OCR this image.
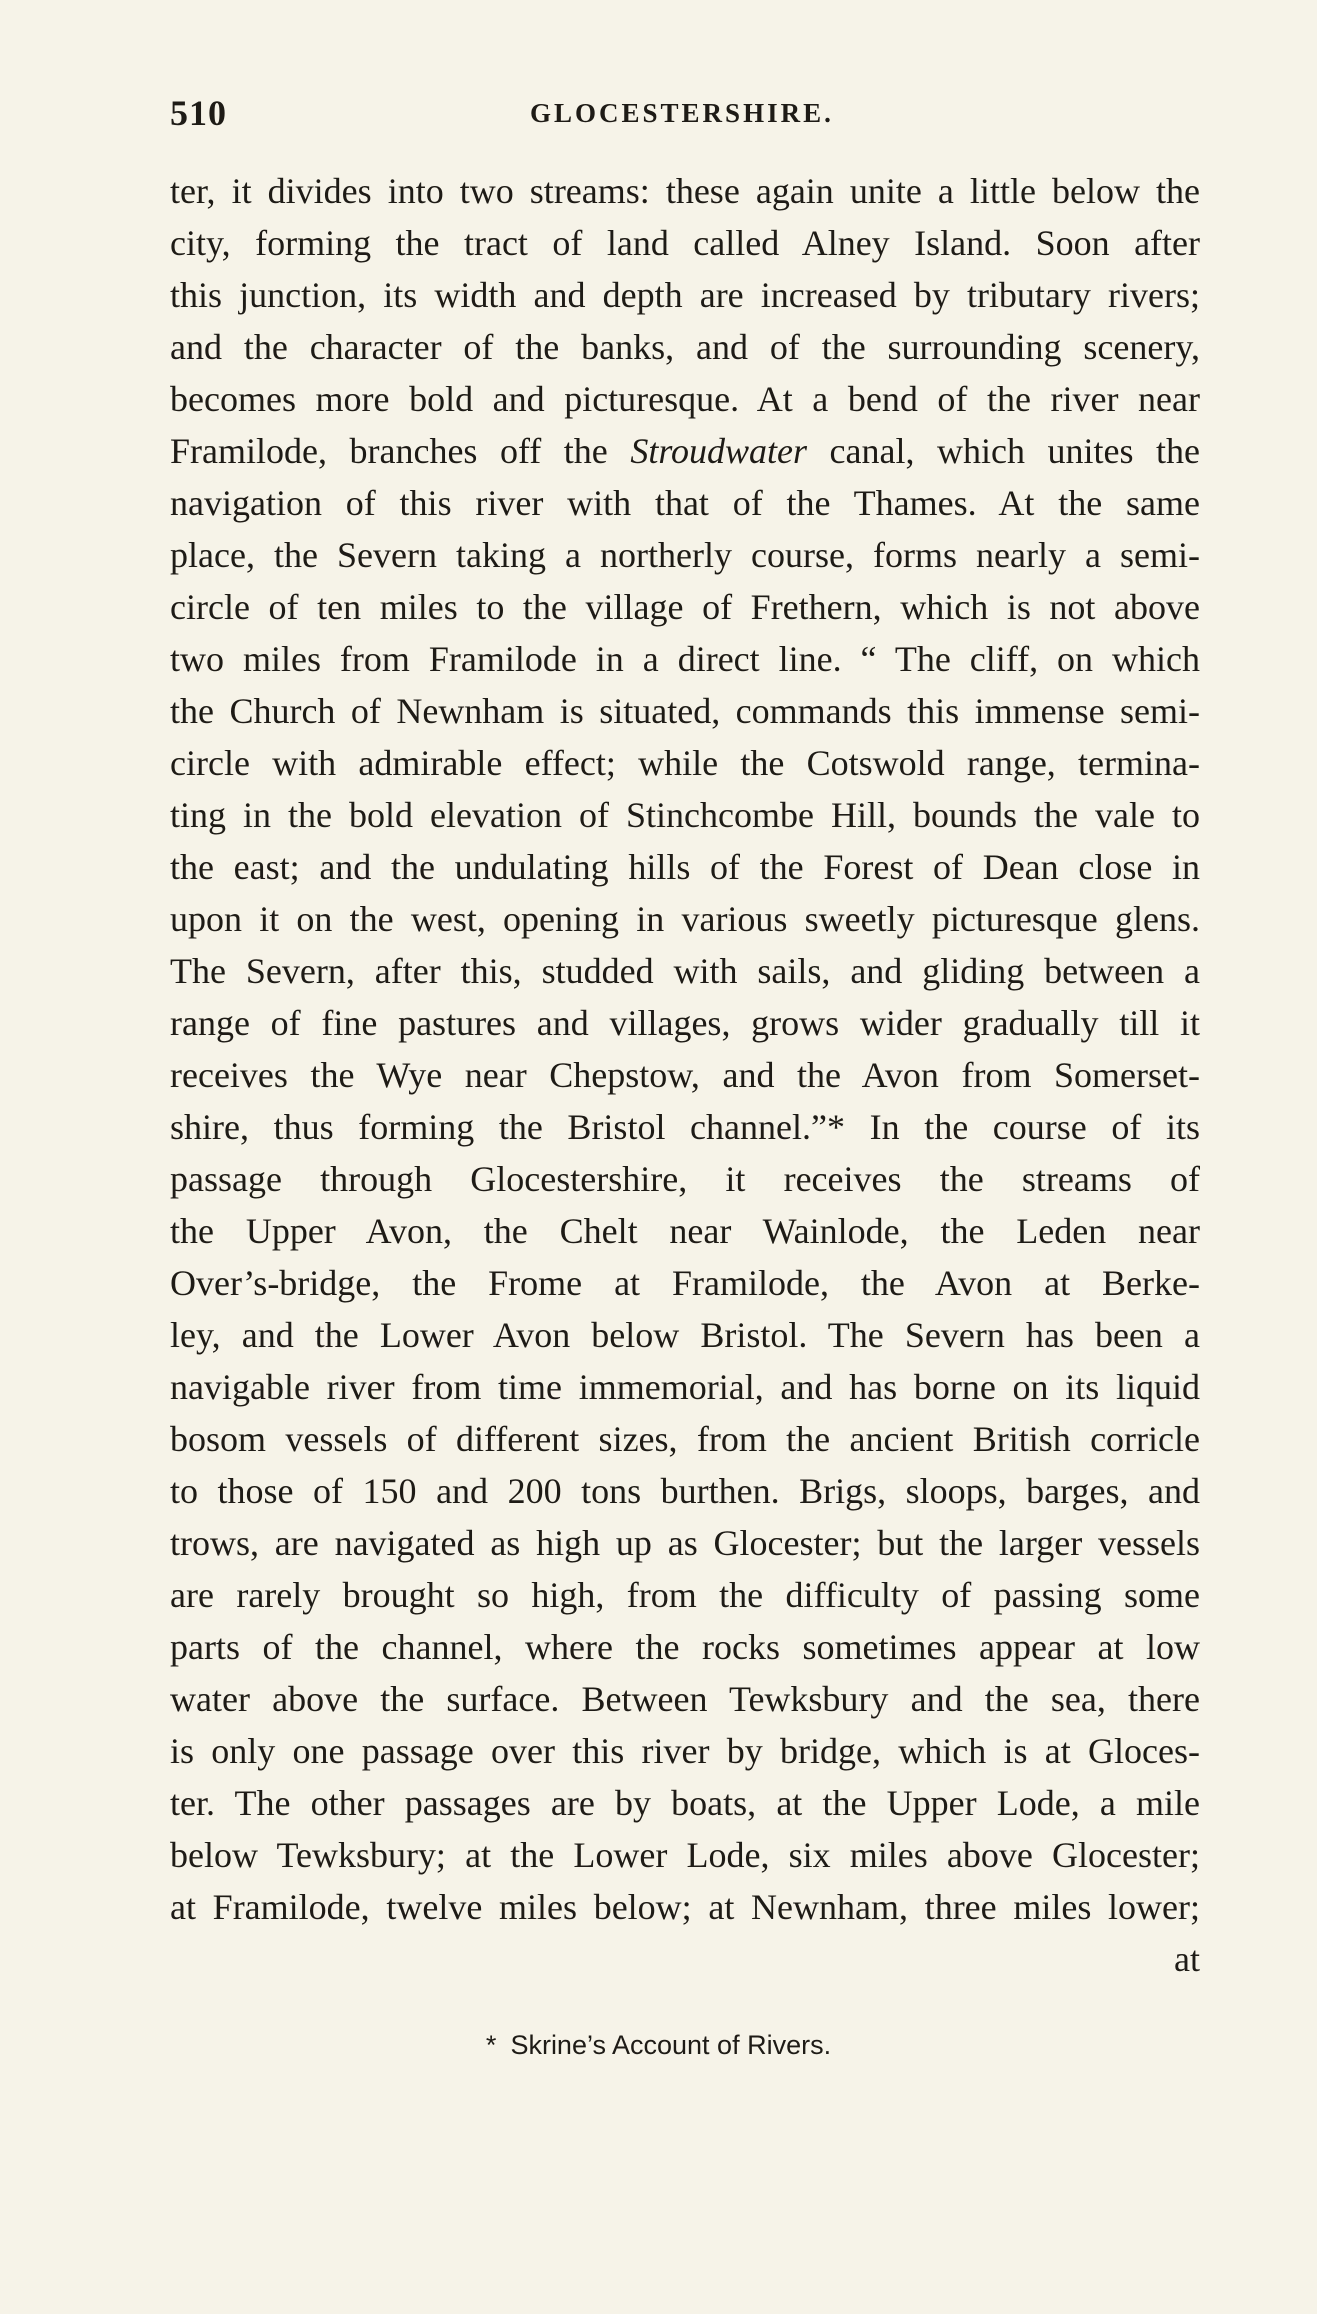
510	GLOCESTERSHIRE.
ter, it divides into two streams: these again unite a little below the
city, forming the tract of land called Alney Island. Soon after
this junction, its width and depth are increased by tributary rivers;
and the character of the banks, and of the surrounding scenery,
becomes more bold and picturesque. At a bend of the river near
Framilode, branches off the Stroudwater canal, which unites the
navigation of this river with that of the Thames. At the same
place, the Severn taking a northerly course, forms nearly a semi-
circle of ten miles to the village of Frethern, which is not above
two miles from Framilode in a direct line. “ The cliff, on which
the Church of Newnham is situated, commands this immense semi-
circle with admirable effect; while the Cotswold range, termina-
ting in the bold elevation of Stinchcombe Hill, bounds the vale to
the east; and the undulating hills of the Forest of Dean close in
upon it on the west, opening in various sweetly picturesque glens.
The Severn, after this, studded with sails, and gliding between a
range of fine pastures and villages, grows wider gradually till it
receives the Wye near Chepstow, and the Avon from Somerset-
shire, thus forming the Bristol channel.”* In the course of its
passage through Glocestershire, it receives the streams of
the Upper Avon, the Chelt near Wainlode, the Leden near
Over’s-bridge, the Frome at Framilode, the Avon at Berke-
ley, and the Lower Avon below Bristol. The Severn has been a
navigable river from time immemorial, and has borne on its liquid
bosom vessels of different sizes, from the ancient British corricle
to those of 150 and 200 tons burthen. Brigs, sloops, barges, and
trows, are navigated as high up as Glocester; but the larger vessels
are rarely brought so high, from the difficulty of passing some
parts of the channel, where the rocks sometimes appear at low
water above the surface. Between Tewksbury and the sea, there
is only one passage over this river by bridge, which is at Gloces-
ter. The other passages are by boats, at the Upper Lode, a mile
below Tewksbury; at the Lower Lode, six miles above Glocester;
at Framilode, twelve miles below; at Newnham, three miles lower;
at
* Skrine’s Account of Rivers.
